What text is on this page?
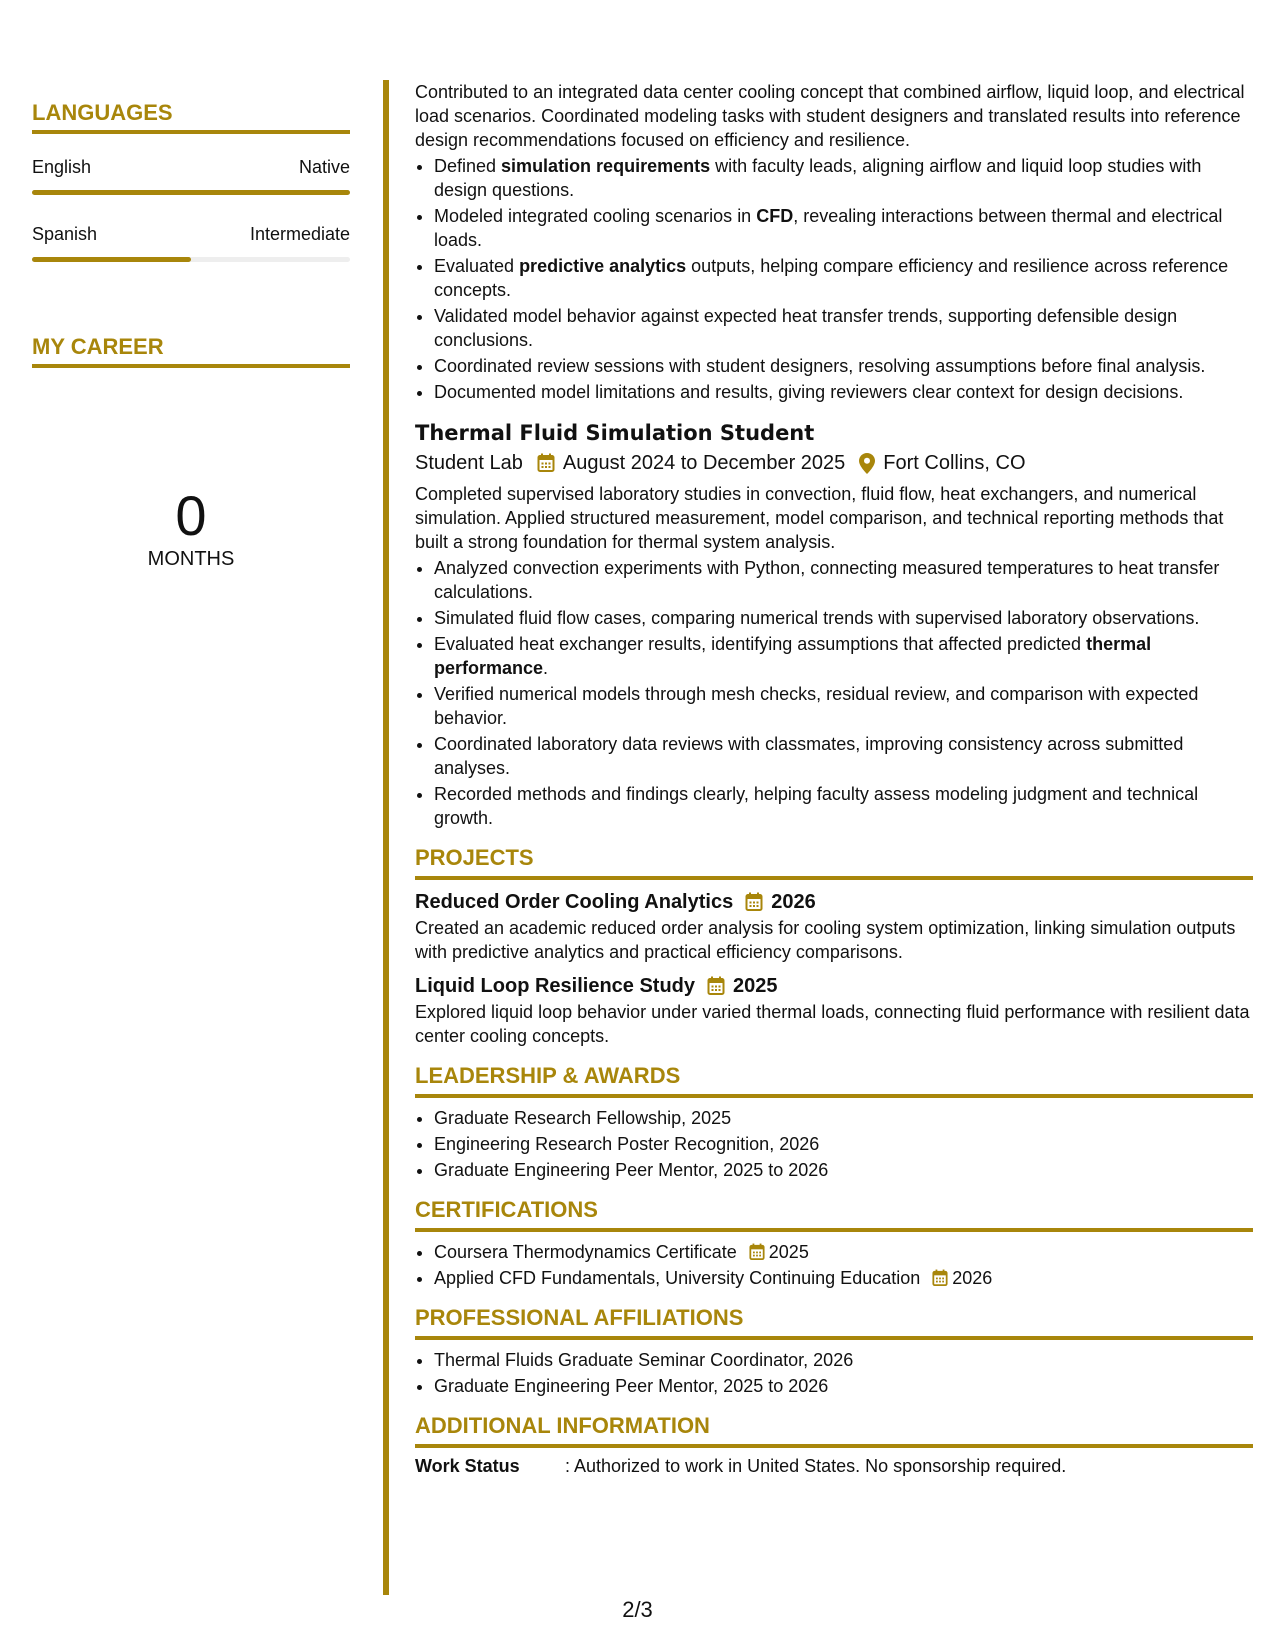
LANGUAGES
English	Native
Spanish	Intermediate
MY CAREER
0
MONTHS

Contributed to an integrated data center cooling concept that combined airflow, liquid loop, and electrical load scenarios. Coordinated modeling tasks with student designers and translated results into reference design recommendations focused on efficiency and resilience.

• Defined simulation requirements with faculty leads, aligning airflow and liquid loop studies with design questions.
• Modeled integrated cooling scenarios in CFD, revealing interactions between thermal and electrical loads.
• Evaluated predictive analytics outputs, helping compare efficiency and resilience across reference concepts.
• Validated model behavior against expected heat transfer trends, supporting defensible design conclusions.
• Coordinated review sessions with student designers, resolving assumptions before final analysis.
• Documented model limitations and results, giving reviewers clear context for design decisions.
Thermal Fluid Simulation Student
Student Lab August 2024 to December 2025 Fort Collins, CO

Completed supervised laboratory studies in convection, fluid flow, heat exchangers, and numerical simulation. Applied structured measurement, model comparison, and technical reporting methods that built a strong foundation for thermal system analysis.

• Analyzed convection experiments with Python, connecting measured temperatures to heat transfer calculations.
• Simulated fluid flow cases, comparing numerical trends with supervised laboratory observations.
• Evaluated heat exchanger results, identifying assumptions that affected predicted thermal performance.
• Verified numerical models through mesh checks, residual review, and comparison with expected behavior.
• Coordinated laboratory data reviews with classmates, improving consistency across submitted analyses.
• Recorded methods and findings clearly, helping faculty assess modeling judgment and technical growth.
PROJECTS
Reduced Order Cooling Analytics 2026

Created an academic reduced order analysis for cooling system optimization, linking simulation outputs with predictive analytics and practical efficiency comparisons.

Liquid Loop Resilience Study 2025

Explored liquid loop behavior under varied thermal loads, connecting fluid performance with resilient data center cooling concepts.

LEADERSHIP & AWARDS
• Graduate Research Fellowship, 2025
• Engineering Research Poster Recognition, 2026
• Graduate Engineering Peer Mentor, 2025 to 2026
CERTIFICATIONS
• Coursera Thermodynamics Certificate 2025
• Applied CFD Fundamentals, University Continuing Education 2026
PROFESSIONAL AFFILIATIONS
• Thermal Fluids Graduate Seminar Coordinator, 2026
• Graduate Engineering Peer Mentor, 2025 to 2026
ADDITIONAL INFORMATION
Work Status	: Authorized to work in United States. No sponsorship required.
2/3
